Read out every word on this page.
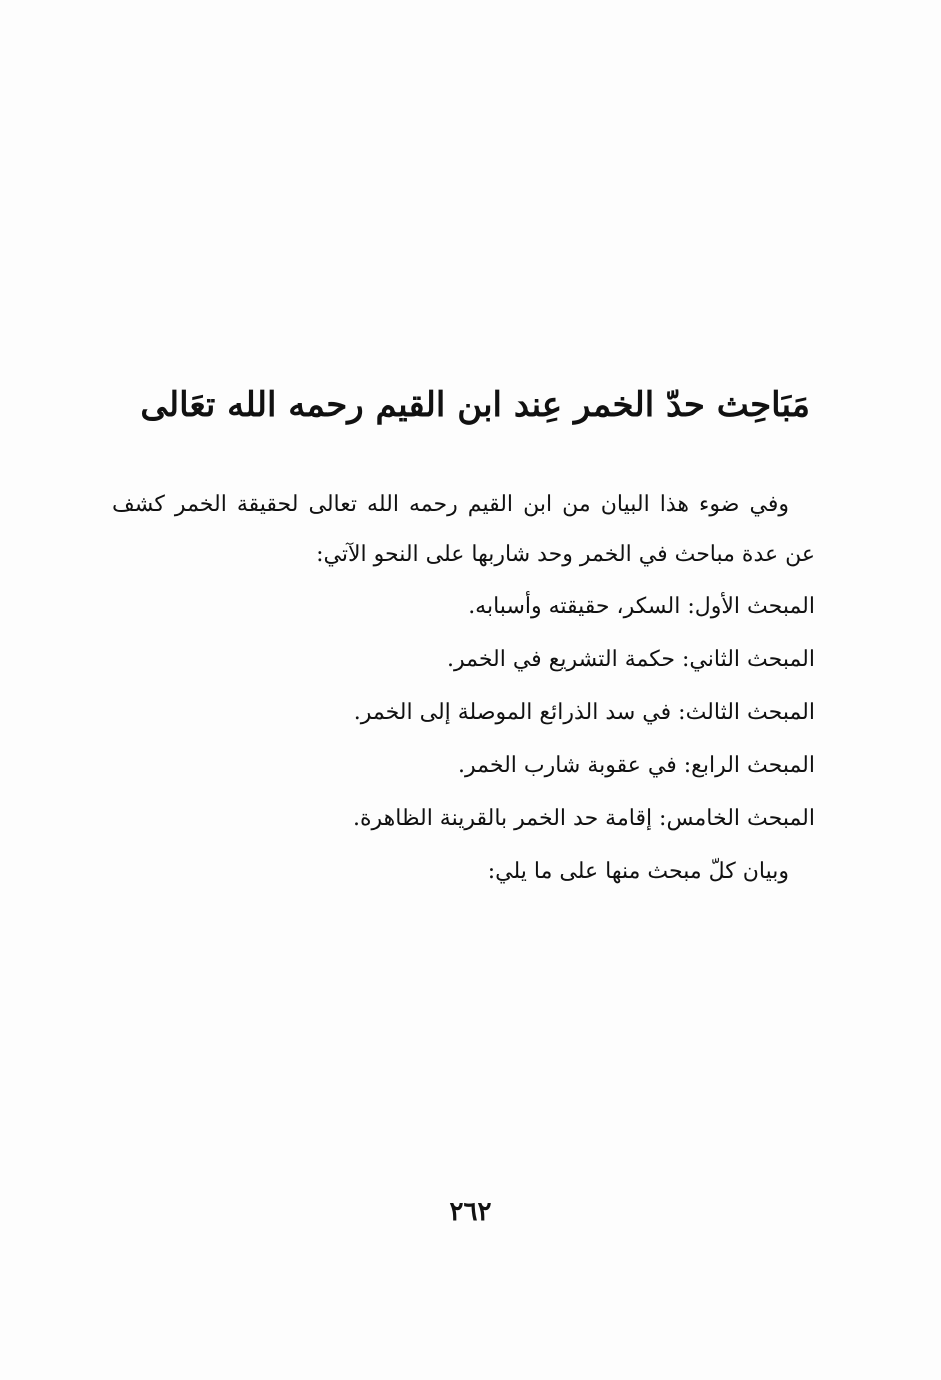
مَبَاحِث حدّ الخمر عِند ابن القيم رحمه الله تعَالى

وفي ضوء هذا البيان من ابن القيم رحمه الله تعالى لحقيقة الخمر كشف عن عدة مباحث في الخمر وحد شاربها على النحو الآتي:

المبحث الأول: السكر، حقيقته وأسبابه.

المبحث الثاني: حكمة التشريع في الخمر.

المبحث الثالث: في سد الذرائع الموصلة إلى الخمر.

المبحث الرابع: في عقوبة شارب الخمر.

المبحث الخامس: إقامة حد الخمر بالقرينة الظاهرة.

وبيان كلّ مبحث منها على ما يلي:

٢٦٢
